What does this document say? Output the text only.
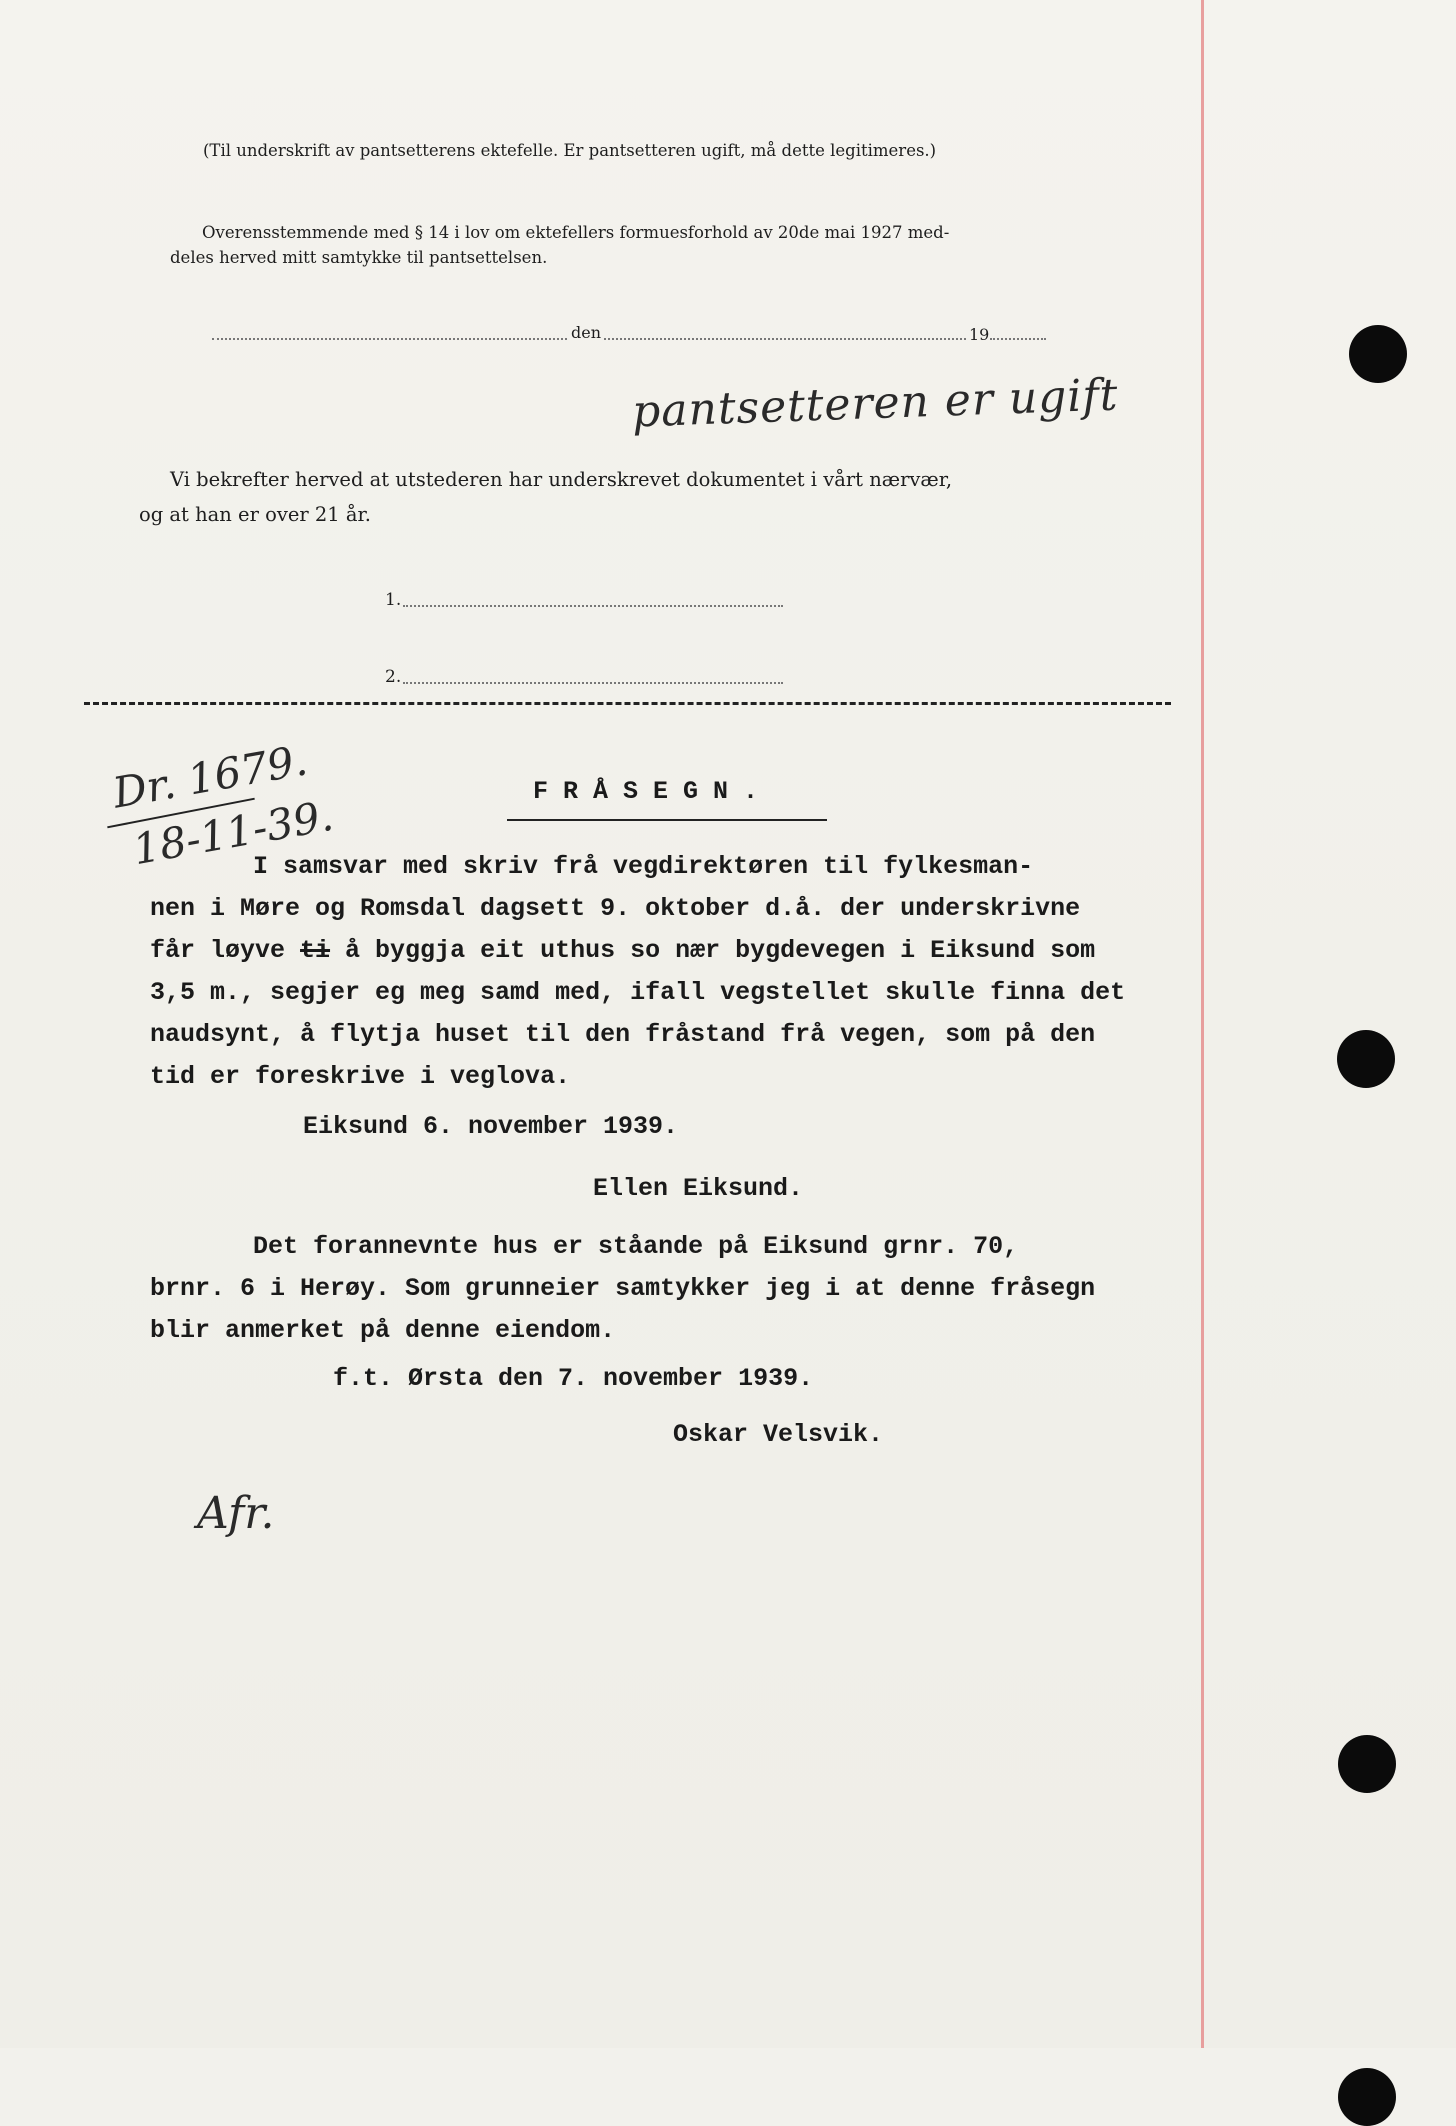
(Til underskrift av pantsetterens ektefelle. Er pantsetteren ugift, må dette legitimeres.)
Overensstemmende med § 14 i lov om ektefellers formuesforhold av 20de mai 1927 med-
deles herved mitt samtykke til pantsettelsen.
den	19
pantsetteren er ugift
Vi bekrefter herved at utstederen har underskrevet dokumentet i vårt nærvær,
og at han er over 21 år.
1.
2.
Dr. 1679.
18-11-39.	F R Å S E G N .
I samsvar med skriv frå vegdirektøren til fylkesman-
nen i Møre og Romsdal dagsett 9. oktober d.å. der underskrivne
får løyve ti å byggja eit uthus so nær bygdevegen i Eiksund som
3,5 m., segjer eg meg samd med, ifall vegstellet skulle finna det
naudsynt, å flytja huset til den fråstand frå vegen, som på den
tid er foreskrive i veglova.
Eiksund 6. november 1939.
Ellen Eiksund.
Det forannevnte hus er ståande på Eiksund grnr. 70,
brnr. 6 i Herøy. Som grunneier samtykker jeg i at denne fråsegn
blir anmerket på denne eiendom.
f.t. Ørsta den 7. november 1939.
Oskar Velsvik.
Afr.
